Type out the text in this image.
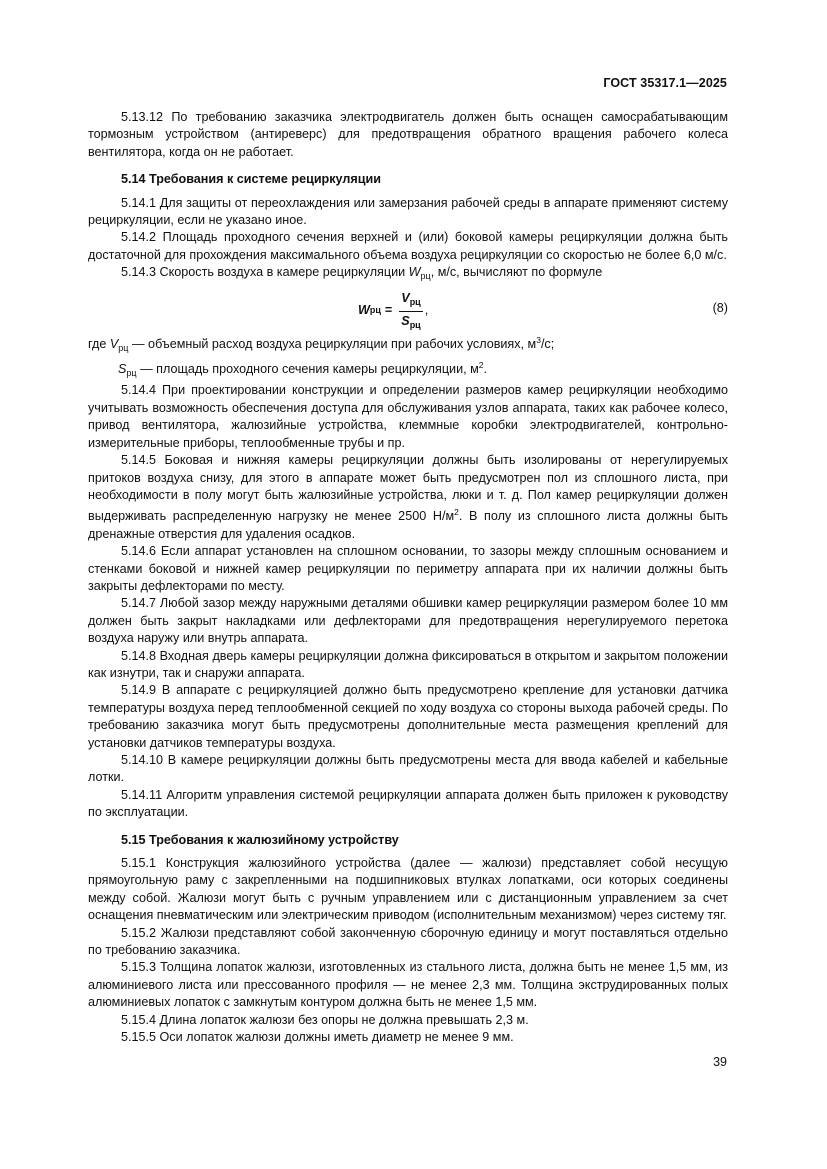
ГОСТ 35317.1—2025

5.13.12 По требованию заказчика электродвигатель должен быть оснащен самосрабатывающим тормозным устройством (антиреверс) для предотвращения обратного вращения рабочего колеса вентилятора, когда он не работает.

5.14 Требования к системе рециркуляции

5.14.1 Для защиты от переохлаждения или замерзания рабочей среды в аппарате применяют систему рециркуляции, если не указано иное.

5.14.2 Площадь проходного сечения верхней и (или) боковой камеры рециркуляции должна быть достаточной для прохождения максимального объема воздуха рециркуляции со скоростью не более 6,0 м/с.

5.14.3 Скорость воздуха в камере рециркуляции $W_{рц}$, м/с, вычисляют по формуле

W рц = $\frac{V_{рц}}{S_{рц}}$ ,	(8)

где $V_{рц}$ — объемный расход воздуха рециркуляции при рабочих условиях, $м^3/с$;

$S_{рц}$ — площадь проходного сечения камеры рециркуляции, $м^2$.

5.14.4 При проектировании конструкции и определении размеров камер рециркуляции необходимо учитывать возможность обеспечения доступа для обслуживания узлов аппарата, таких как рабочее колесо, привод вентилятора, жалюзийные устройства, клеммные коробки электродвигателей, контрольно-измерительные приборы, теплообменные трубы и пр.

5.14.5 Боковая и нижняя камеры рециркуляции должны быть изолированы от нерегулируемых притоков воздуха снизу, для этого в аппарате может быть предусмотрен пол из сплошного листа, при необходимости в полу могут быть жалюзийные устройства, люки и т. д. Пол камер рециркуляции должен выдерживать распределенную нагрузку не менее 2500 $Н/м^2$. В полу из сплошного листа должны быть дренажные отверстия для удаления осадков.

5.14.6 Если аппарат установлен на сплошном основании, то зазоры между сплошным основанием и стенками боковой и нижней камер рециркуляции по периметру аппарата при их наличии должны быть закрыты дефлекторами по месту.

5.14.7 Любой зазор между наружными деталями обшивки камер рециркуляции размером более 10 мм должен быть закрыт накладками или дефлекторами для предотвращения нерегулируемого перетока воздуха наружу или внутрь аппарата.

5.14.8 Входная дверь камеры рециркуляции должна фиксироваться в открытом и закрытом положении как изнутри, так и снаружи аппарата.

5.14.9 В аппарате с рециркуляцией должно быть предусмотрено крепление для установки датчика температуры воздуха перед теплообменной секцией по ходу воздуха со стороны выхода рабочей среды. По требованию заказчика могут быть предусмотрены дополнительные места размещения креплений для установки датчиков температуры воздуха.

5.14.10 В камере рециркуляции должны быть предусмотрены места для ввода кабелей и кабельные лотки.

5.14.11 Алгоритм управления системой рециркуляции аппарата должен быть приложен к руководству по эксплуатации.

5.15 Требования к жалюзийному устройству

5.15.1 Конструкция жалюзийного устройства (далее — жалюзи) представляет собой несущую прямоугольную раму с закрепленными на подшипниковых втулках лопатками, оси которых соединены между собой. Жалюзи могут быть с ручным управлением или с дистанционным управлением за счет оснащения пневматическим или электрическим приводом (исполнительным механизмом) через систему тяг.

5.15.2 Жалюзи представляют собой законченную сборочную единицу и могут поставляться отдельно по требованию заказчика.

5.15.3 Толщина лопаток жалюзи, изготовленных из стального листа, должна быть не менее 1,5 мм, из алюминиевого листа или прессованного профиля — не менее 2,3 мм. Толщина экструдированных полых алюминиевых лопаток с замкнутым контуром должна быть не менее 1,5 мм.

5.15.4 Длина лопаток жалюзи без опоры не должна превышать 2,3 м.

5.15.5 Оси лопаток жалюзи должны иметь диаметр не менее 9 мм.

39
